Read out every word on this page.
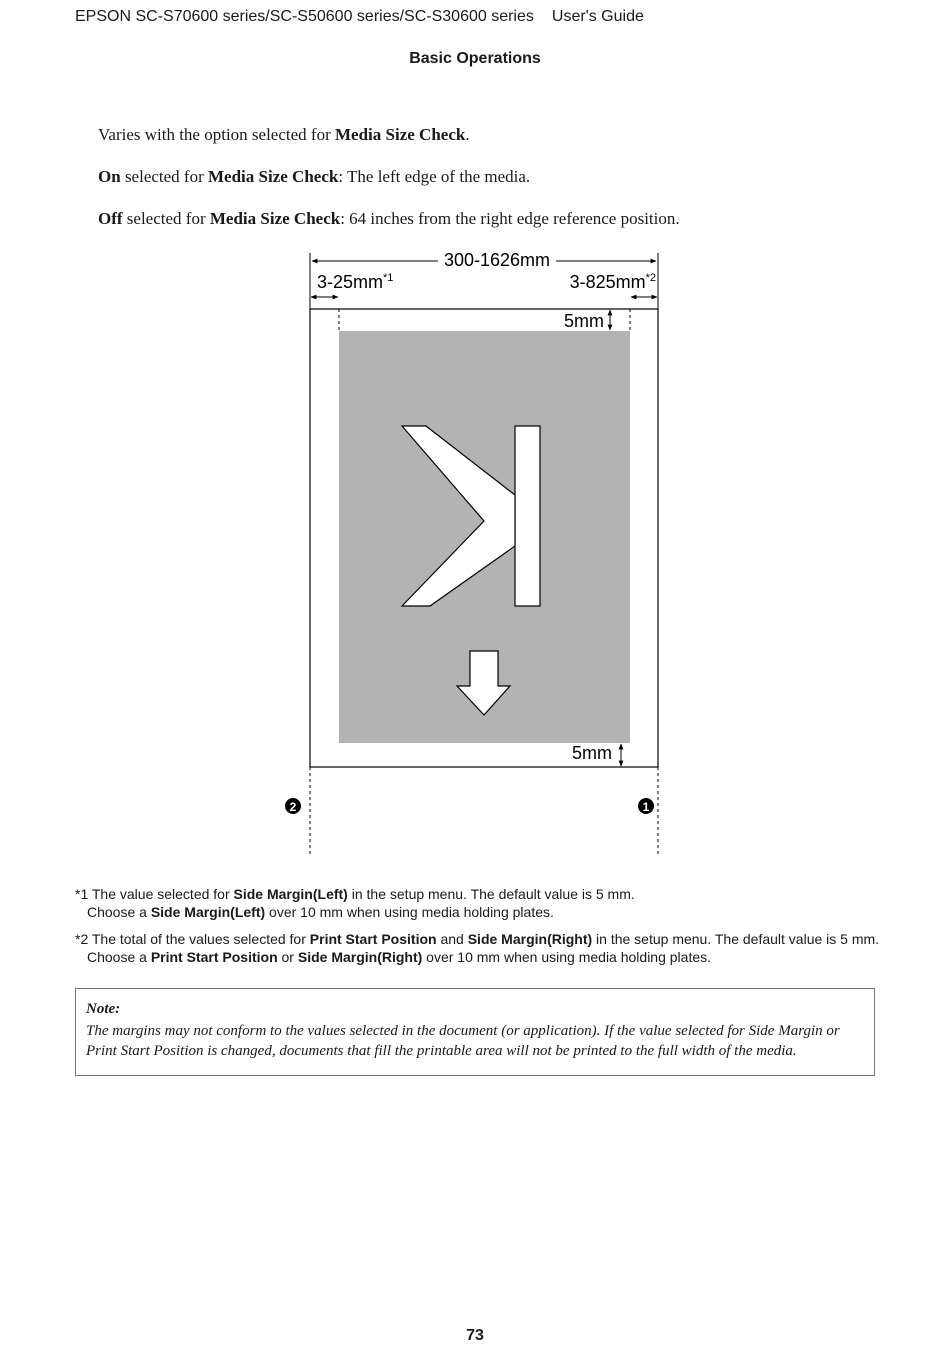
EPSON SC-S70600 series/SC-S50600 series/SC-S30600 series User's Guide
Basic Operations
Varies with the option selected for Media Size Check.
On selected for Media Size Check: The left edge of the media.
Off selected for Media Size Check: 64 inches from the right edge reference position.
300-1626mm
$3-25mm^{*1}$	$3-825mm^{*2}$
5mm
5mm
2	1
*1 The value selected for Side Margin(Left) in the setup menu. The default value is 5 mm.
Choose a Side Margin(Left) over 10 mm when using media holding plates.
*2 The total of the values selected for Print Start Position and Side Margin(Right) in the setup menu. The default value is 5 mm.
Choose a Print Start Position or Side Margin(Right) over 10 mm when using media holding plates.
Note:
The margins may not conform to the values selected in the document (or application). If the value selected for Side Margin or Print Start Position is changed, documents that fill the printable area will not be printed to the full width of the media.
73
